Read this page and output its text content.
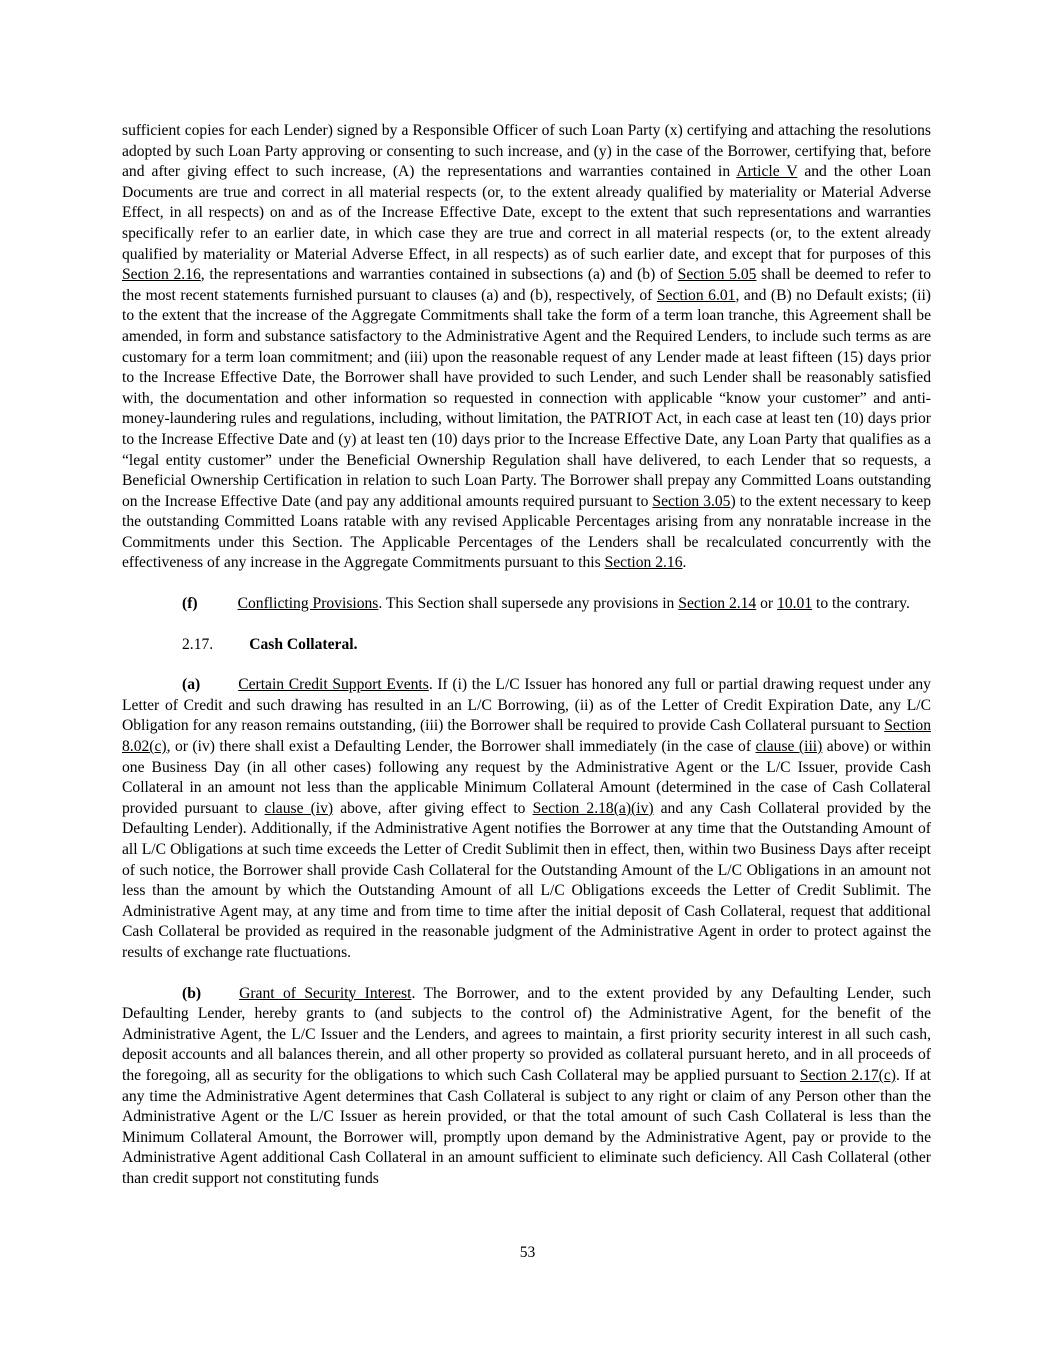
sufficient copies for each Lender) signed by a Responsible Officer of such Loan Party (x) certifying and attaching the resolutions adopted by such Loan Party approving or consenting to such increase, and (y) in the case of the Borrower, certifying that, before and after giving effect to such increase, (A) the representations and warranties contained in Article V and the other Loan Documents are true and correct in all material respects (or, to the extent already qualified by materiality or Material Adverse Effect, in all respects) on and as of the Increase Effective Date, except to the extent that such representations and warranties specifically refer to an earlier date, in which case they are true and correct in all material respects (or, to the extent already qualified by materiality or Material Adverse Effect, in all respects) as of such earlier date, and except that for purposes of this Section 2.16, the representations and warranties contained in subsections (a) and (b) of Section 5.05 shall be deemed to refer to the most recent statements furnished pursuant to clauses (a) and (b), respectively, of Section 6.01, and (B) no Default exists; (ii) to the extent that the increase of the Aggregate Commitments shall take the form of a term loan tranche, this Agreement shall be amended, in form and substance satisfactory to the Administrative Agent and the Required Lenders, to include such terms as are customary for a term loan commitment; and (iii) upon the reasonable request of any Lender made at least fifteen (15) days prior to the Increase Effective Date, the Borrower shall have provided to such Lender, and such Lender shall be reasonably satisfied with, the documentation and other information so requested in connection with applicable “know your customer” and anti-money-laundering rules and regulations, including, without limitation, the PATRIOT Act, in each case at least ten (10) days prior to the Increase Effective Date and (y) at least ten (10) days prior to the Increase Effective Date, any Loan Party that qualifies as a “legal entity customer” under the Beneficial Ownership Regulation shall have delivered, to each Lender that so requests, a Beneficial Ownership Certification in relation to such Loan Party. The Borrower shall prepay any Committed Loans outstanding on the Increase Effective Date (and pay any additional amounts required pursuant to Section 3.05) to the extent necessary to keep the outstanding Committed Loans ratable with any revised Applicable Percentages arising from any nonratable increase in the Commitments under this Section. The Applicable Percentages of the Lenders shall be recalculated concurrently with the effectiveness of any increase in the Aggregate Commitments pursuant to this Section 2.16.

(f)	Conflicting Provisions. This Section shall supersede any provisions in Section 2.14 or 10.01 to the contrary.

2.17. Cash Collateral.

(a) Certain Credit Support Events. If (i) the L/C Issuer has honored any full or partial drawing request under any Letter of Credit and such drawing has resulted in an L/C Borrowing, (ii) as of the Letter of Credit Expiration Date, any L/C Obligation for any reason remains outstanding, (iii) the Borrower shall be required to provide Cash Collateral pursuant to Section 8.02(c), or (iv) there shall exist a Defaulting Lender, the Borrower shall immediately (in the case of clause (iii) above) or within one Business Day (in all other cases) following any request by the Administrative Agent or the L/C Issuer, provide Cash Collateral in an amount not less than the applicable Minimum Collateral Amount (determined in the case of Cash Collateral provided pursuant to clause (iv) above, after giving effect to Section 2.18(a)(iv) and any Cash Collateral provided by the Defaulting Lender). Additionally, if the Administrative Agent notifies the Borrower at any time that the Outstanding Amount of all L/C Obligations at such time exceeds the Letter of Credit Sublimit then in effect, then, within two Business Days after receipt of such notice, the Borrower shall provide Cash Collateral for the Outstanding Amount of the L/C Obligations in an amount not less than the amount by which the Outstanding Amount of all L/C Obligations exceeds the Letter of Credit Sublimit. The Administrative Agent may, at any time and from time to time after the initial deposit of Cash Collateral, request that additional Cash Collateral be provided as required in the reasonable judgment of the Administrative Agent in order to protect against the results of exchange rate fluctuations.

(b) Grant of Security Interest. The Borrower, and to the extent provided by any Defaulting Lender, such Defaulting Lender, hereby grants to (and subjects to the control of) the Administrative Agent, for the benefit of the Administrative Agent, the L/C Issuer and the Lenders, and agrees to maintain, a first priority security interest in all such cash, deposit accounts and all balances therein, and all other property so provided as collateral pursuant hereto, and in all proceeds of the foregoing, all as security for the obligations to which such Cash Collateral may be applied pursuant to Section 2.17(c). If at any time the Administrative Agent determines that Cash Collateral is subject to any right or claim of any Person other than the Administrative Agent or the L/C Issuer as herein provided, or that the total amount of such Cash Collateral is less than the Minimum Collateral Amount, the Borrower will, promptly upon demand by the Administrative Agent, pay or provide to the Administrative Agent additional Cash Collateral in an amount sufficient to eliminate such deficiency. All Cash Collateral (other than credit support not constituting funds

53
